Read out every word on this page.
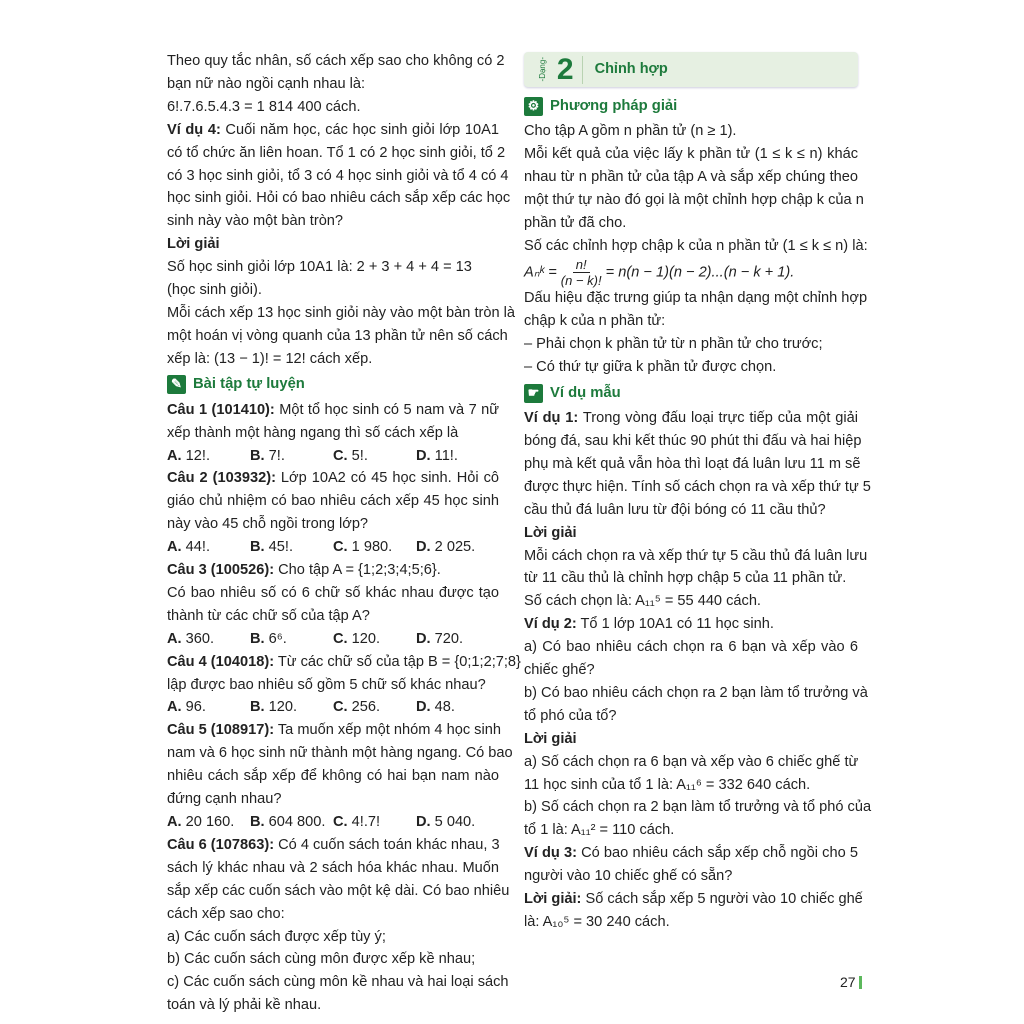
Theo quy tắc nhân, số cách xếp sao cho không có 2
bạn nữ nào ngồi cạnh nhau là:
6!.7.6.5.4.3 = 1 814 400 cách.
Ví dụ 4: Cuối năm học, các học sinh giỏi lớp 10A1
có tổ chức ăn liên hoan. Tổ 1 có 2 học sinh giỏi, tổ 2
có 3 học sinh giỏi, tổ 3 có 4 học sinh giỏi và tổ 4 có 4
học sinh giỏi. Hỏi có bao nhiêu cách sắp xếp các học
sinh này vào một bàn tròn?
Lời giải
Số học sinh giỏi lớp 10A1 là: 2 + 3 + 4 + 4 = 13
(học sinh giỏi).
Mỗi cách xếp 13 học sinh giỏi này vào một bàn tròn là
một hoán vị vòng quanh của 13 phần tử nên số cách
xếp là: (13 − 1)! = 12! cách xếp.
✎ Bài tập tự luyện
Câu 1 (101410): Một tổ học sinh có 5 nam và 7 nữ
xếp thành một hàng ngang thì số cách xếp là
A. 12!.	B. 7!.	C. 5!.	D. 11!.
Câu 2 (103932): Lớp 10A2 có 45 học sinh. Hỏi cô
giáo chủ nhiệm có bao nhiêu cách xếp 45 học sinh
này vào 45 chỗ ngồi trong lớp?
A. 44!.	B. 45!.	C. 1 980.	D. 2 025.
Câu 3 (100526): Cho tập A = {1;2;3;4;5;6}.
Có bao nhiêu số có 6 chữ số khác nhau được tạo
thành từ các chữ số của tập A?
A. 360.	B. 6⁶.	C. 120.	D. 720.
Câu 4 (104018): Từ các chữ số của tập B = {0;1;2;7;8}
lập được bao nhiêu số gồm 5 chữ số khác nhau?
A. 96.	B. 120.	C. 256.	D. 48.
Câu 5 (108917): Ta muốn xếp một nhóm 4 học sinh
nam và 6 học sinh nữ thành một hàng ngang. Có bao
nhiêu cách sắp xếp để không có hai bạn nam nào
đứng cạnh nhau?
A. 20 160.	B. 604 800. C. 4!.7!	D. 5 040.
Câu 6 (107863): Có 4 cuốn sách toán khác nhau, 3
sách lý khác nhau và 2 sách hóa khác nhau. Muốn
sắp xếp các cuốn sách vào một kệ dài. Có bao nhiêu
cách xếp sao cho:
a) Các cuốn sách được xếp tùy ý;
b) Các cuốn sách cùng môn được xếp kề nhau;
c) Các cuốn sách cùng môn kề nhau và hai loại sách
toán và lý phải kề nhau.
-Dạng- 2 Chỉnh hợp
⚙ Phương pháp giải
Cho tập A gồm n phần tử (n ≥ 1).
Mỗi kết quả của việc lấy k phần tử (1 ≤ k ≤ n) khác
nhau từ n phần tử của tập A và sắp xếp chúng theo
một thứ tự nào đó gọi là một chỉnh hợp chập k của n
phần tử đã cho.
Số các chỉnh hợp chập k của n phần tử (1 ≤ k ≤ n) là:
Aₙᵏ = $\frac{n!}{(n - k)!} = n(n - 1)(n - 2)...(n - k + 1)$.
Dấu hiệu đặc trưng giúp ta nhận dạng một chỉnh hợp
chập k của n phần tử:
– Phải chọn k phần tử từ n phần tử cho trước;
– Có thứ tự giữa k phần tử được chọn.
☛ Ví dụ mẫu
Ví dụ 1: Trong vòng đấu loại trực tiếp của một giải
bóng đá, sau khi kết thúc 90 phút thi đấu và hai hiệp
phụ mà kết quả vẫn hòa thì loạt đá luân lưu 11 m sẽ
được thực hiện. Tính số cách chọn ra và xếp thứ tự 5
cầu thủ đá luân lưu từ đội bóng có 11 cầu thủ?
Lời giải
Mỗi cách chọn ra và xếp thứ tự 5 cầu thủ đá luân lưu
từ 11 cầu thủ là chỉnh hợp chập 5 của 11 phần tử.
Số cách chọn là: A₁₁⁵ = 55 440 cách.
Ví dụ 2: Tổ 1 lớp 10A1 có 11 học sinh.
a) Có bao nhiêu cách chọn ra 6 bạn và xếp vào 6
chiếc ghế?
b) Có bao nhiêu cách chọn ra 2 bạn làm tổ trưởng và
tổ phó của tổ?
Lời giải
a) Số cách chọn ra 6 bạn và xếp vào 6 chiếc ghế từ
11 học sinh của tổ 1 là: A₁₁⁶ = 332 640 cách.
b) Số cách chọn ra 2 bạn làm tổ trưởng và tổ phó của
tổ 1 là: A₁₁² = 110 cách.
Ví dụ 3: Có bao nhiêu cách sắp xếp chỗ ngồi cho 5
người vào 10 chiếc ghế có sẵn?
Lời giải: Số cách sắp xếp 5 người vào 10 chiếc ghế
là: A₁₀⁵ = 30 240 cách.
27
